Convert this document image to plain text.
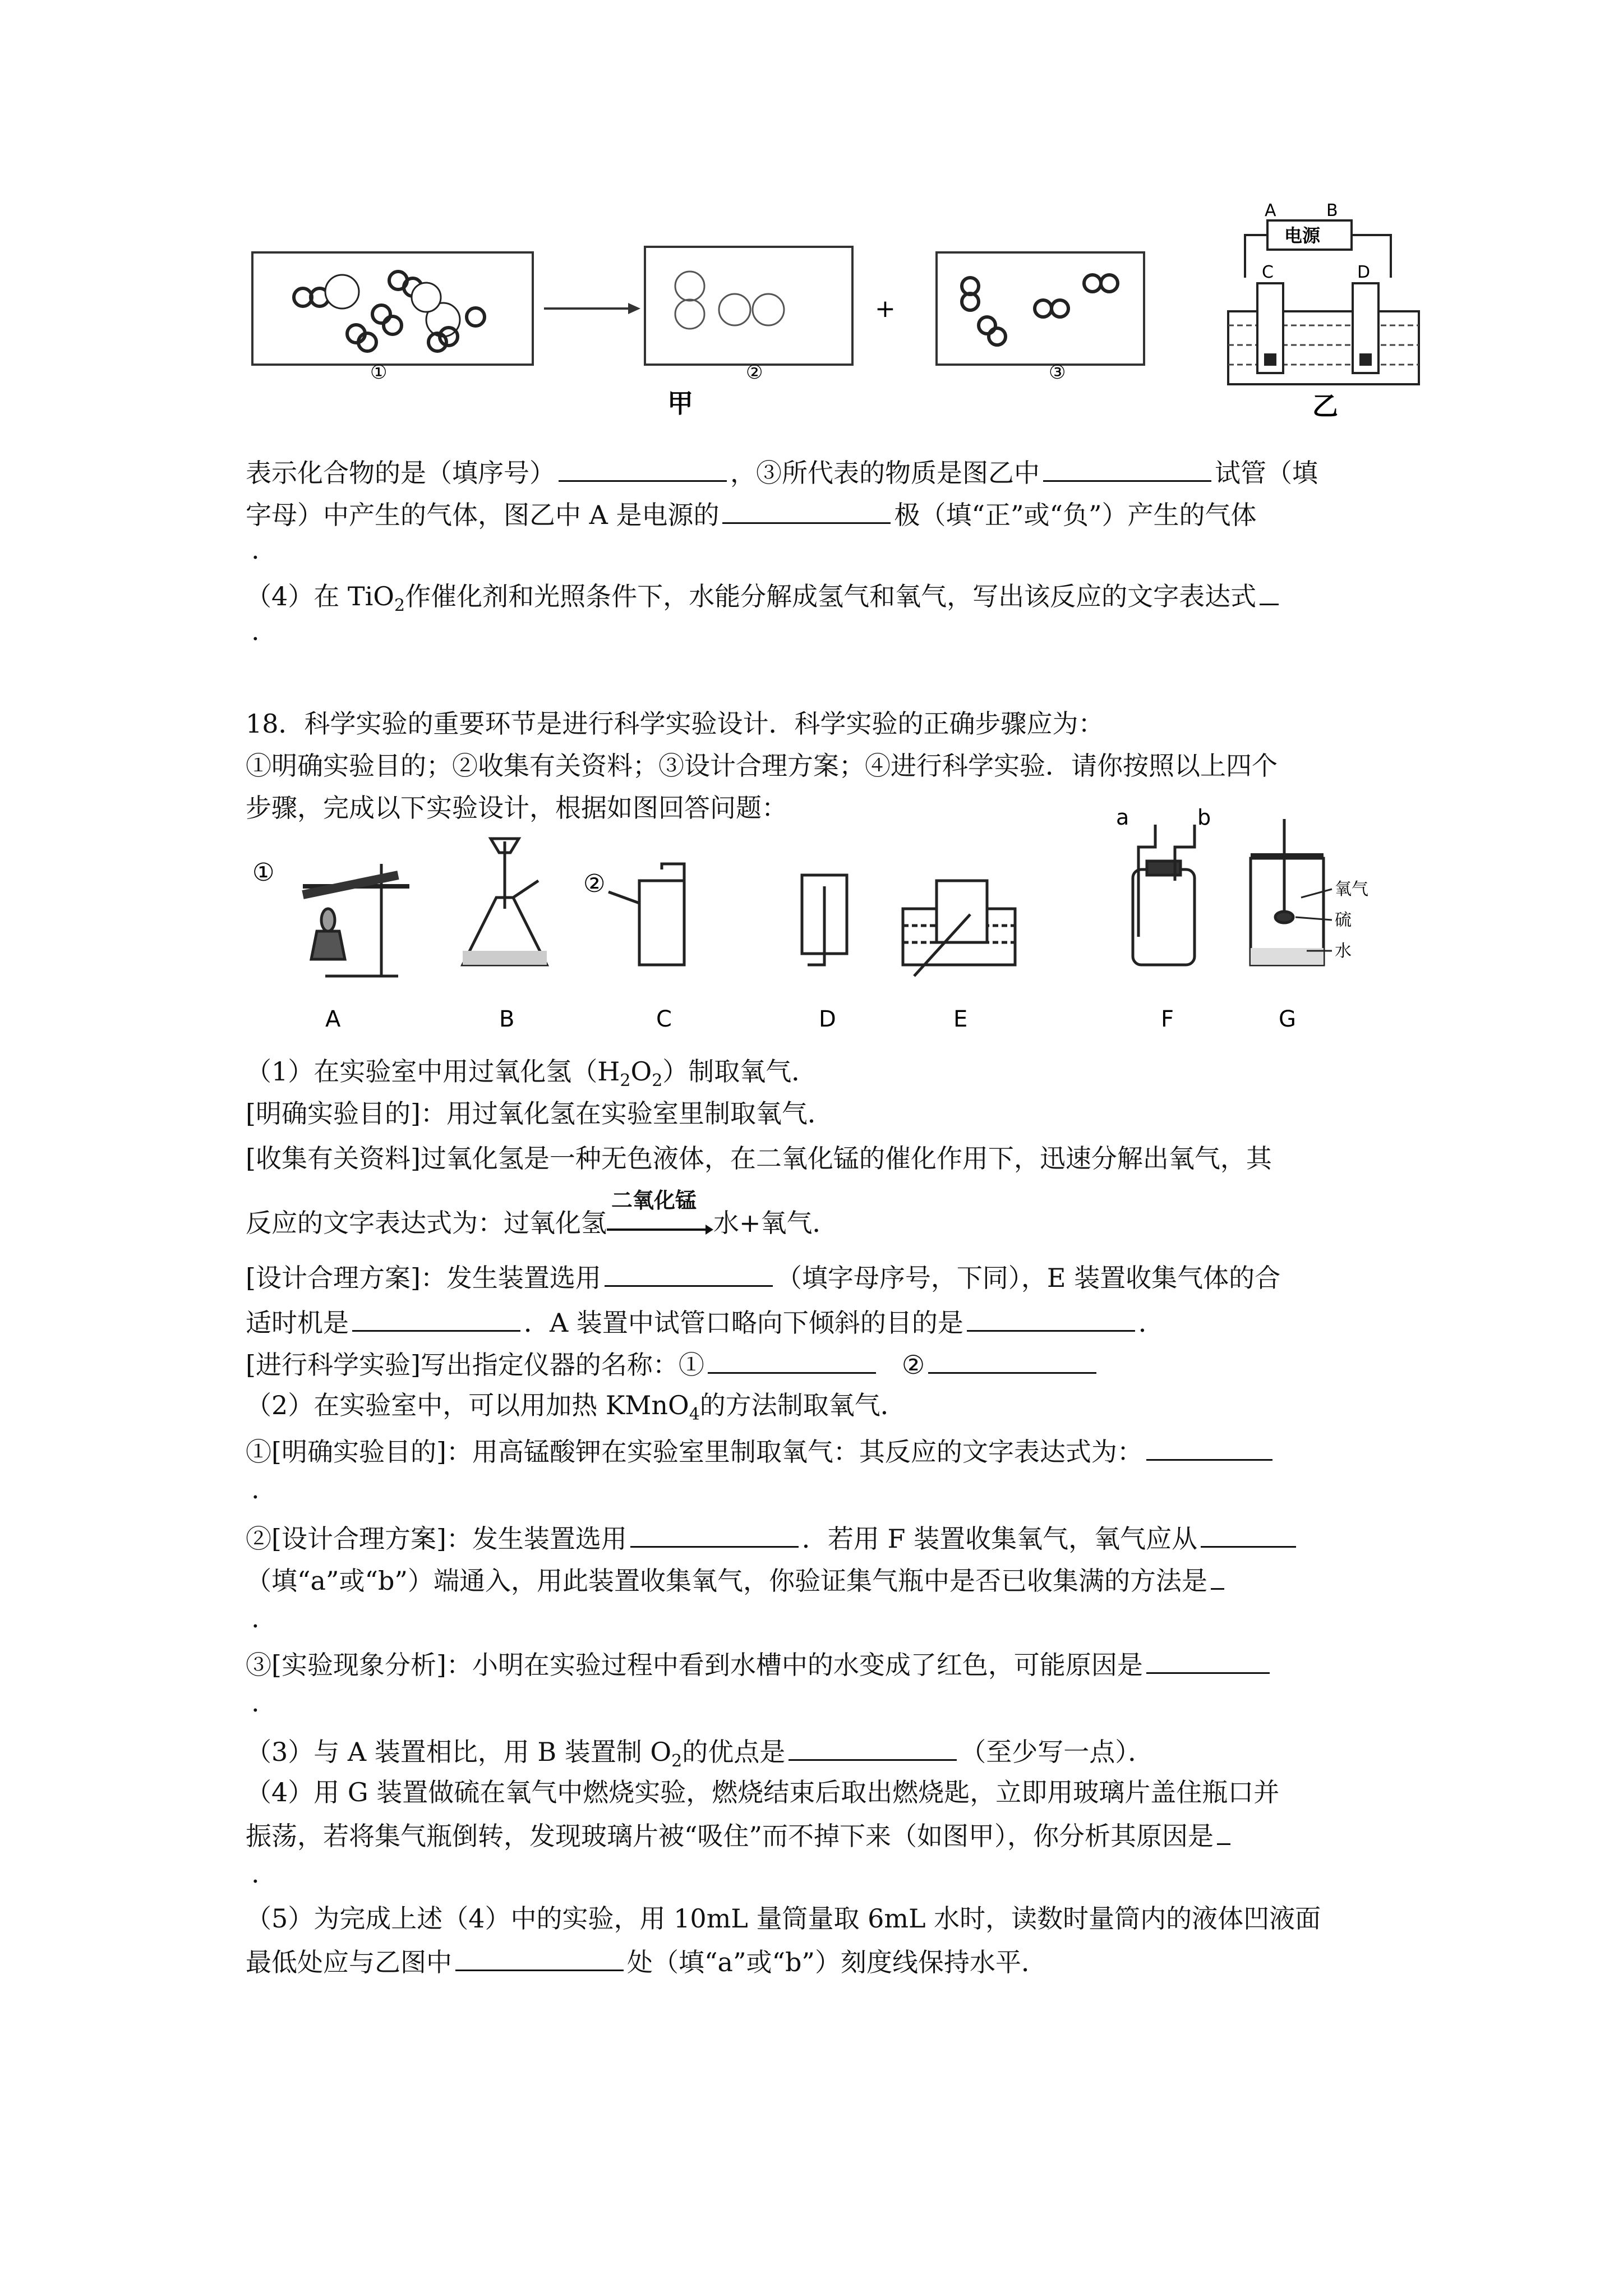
①	②
+
③
甲
A	B
电源
C	D
乙
表示化合物的是（填序号）	，③所代表的物质是图乙中	试管（填
字母）中产生的气体，图乙中 A 是电源的	极（填“正”或“负”）产生的气体
.
（4）在 TiO$_2$作催化剂和光照条件下，水能分解成氢气和氧气，写出该反应的文字表达式
.
18．科学实验的重要环节是进行科学实验设计．科学实验的正确步骤应为：
①明确实验目的；②收集有关资料；③设计合理方案；④进行科学实验．请你按照以上四个
步骤，完成以下实验设计，根据如图回答问题：
①	②
a	b
氧气
硫
水
A	B	C	D	E	F	G
（1）在实验室中用过氧化氢$(H_2O_2)$制取氧气．
[明确实验目的]：用过氧化氢在实验室里制取氧气．
[收集有关资料]过氧化氢是一种无色液体，在二氧化锰的催化作用下，迅速分解出氧气，其
反应的文字表达式为：过氧化氢
二氧化锰
水+氧气．
[设计合理方案]：发生装置选用	（填字母序号，下同），E 装置收集气体的合
适时机是	．A 装置中试管口略向下倾斜的目的是	．
[进行科学实验]写出指定仪器的名称：①	②
（2）在实验室中，可以用加热 KMnO$_4$的方法制取氧气．
①[明确实验目的]：用高锰酸钾在实验室里制取氧气：其反应的文字表达式为：
.
②[设计合理方案]：发生装置选用	．若用 F 装置收集氧气，氧气应从
（填“a”或“b”）端通入，用此装置收集氧气，你验证集气瓶中是否已收集满的方法是
.
③[实验现象分析]：小明在实验过程中看到水槽中的水变成了红色，可能原因是
.
（3）与 A 装置相比，用 B 装置制 $O_2$的优点是	（至少写一点）．
（4）用 G 装置做硫在氧气中燃烧实验，燃烧结束后取出燃烧匙，立即用玻璃片盖住瓶口并
振荡，若将集气瓶倒转，发现玻璃片被“吸住”而不掉下来（如图甲），你分析其原因是
.
（5）为完成上述（4）中的实验，用 10mL 量筒量取 6mL 水时，读数时量筒内的液体凹液面
最低处应与乙图中	处（填“a”或“b”）刻度线保持水平．
